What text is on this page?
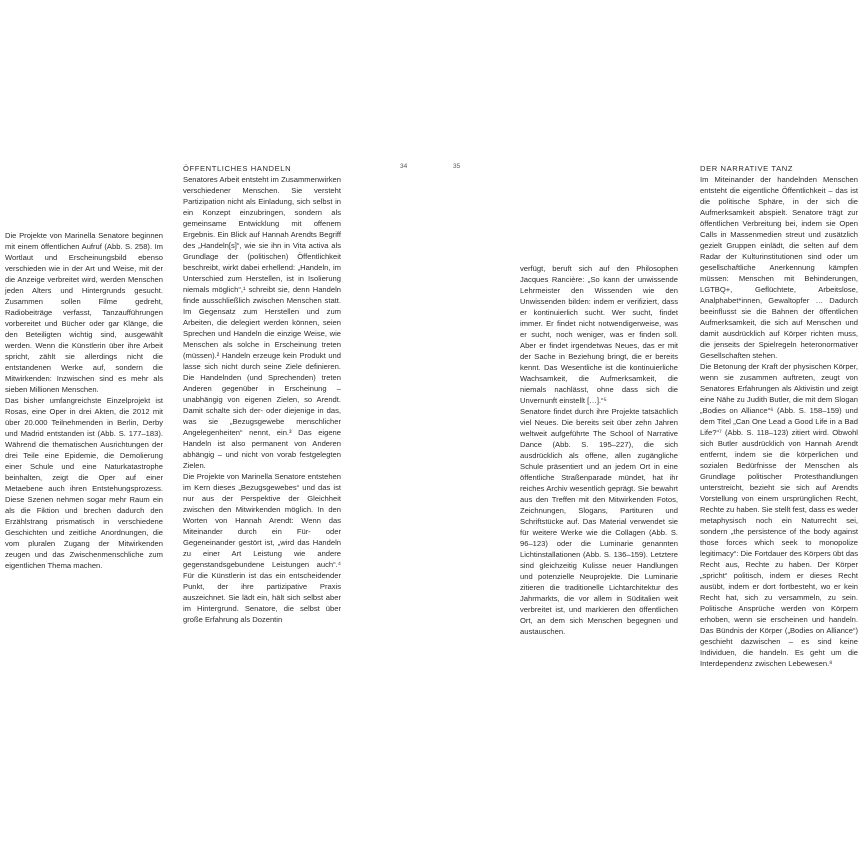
34	35

Die Projekte von Marinella Senatore beginnen mit einem öffentlichen Aufruf (Abb. S. 258). Im Wortlaut und Erscheinungsbild ebenso verschieden wie in der Art und Weise, mit der die Anzeige verbreitet wird, werden Menschen jeden Alters und Hintergrunds gesucht. Zusammen sollen Filme gedreht, Radiobeiträge verfasst, Tanzaufführungen vorbereitet und Bücher oder gar Klänge, die den Beteiligten wichtig sind, ausgewählt werden. Wenn die Künstlerin über ihre Arbeit spricht, zählt sie allerdings nicht die entstandenen Werke auf, sondern die Mitwirkenden: Inzwischen sind es mehr als sieben Millionen Menschen.

Das bisher umfangreichste Einzelprojekt ist Rosas, eine Oper in drei Akten, die 2012 mit über 20.000 Teilnehmenden in Berlin, Derby und Madrid entstanden ist (Abb. S. 177–183). Während die thematischen Ausrichtungen der drei Teile eine Epidemie, die Demolierung einer Schule und eine Naturkatastrophe beinhalten, zeigt die Oper auf einer Metaebene auch ihren Entstehungsprozess. Diese Szenen nehmen sogar mehr Raum ein als die Fiktion und brechen dadurch den Erzählstrang prismatisch in verschiedene Geschichten und zeitliche Anordnungen, die vom pluralen Zugang der Mitwirkenden zeugen und das Zwischenmenschliche zum eigentlichen Thema machen.

ÖFFENTLICHES HANDELN

Senatores Arbeit entsteht im Zusammenwirken verschiedener Menschen. Sie versteht Partizipation nicht als Einladung, sich selbst in ein Konzept einzubringen, sondern als gemeinsame Entwicklung mit offenem Ergebnis. Ein Blick auf Hannah Arendts Begriff des „Handeln[s]“, wie sie ihn in Vita activa als Grundlage der (politischen) Öffentlichkeit beschreibt, wirkt dabei erhellend: „Handeln, im Unterschied zum Herstellen, ist in Isolierung niemals möglich“,¹ schreibt sie, denn Handeln finde ausschließlich zwischen Menschen statt. Im Gegensatz zum Herstellen und zum Arbeiten, die delegiert werden können, seien Sprechen und Handeln die einzige Weise, wie Menschen als solche in Erscheinung treten (müssen).² Handeln erzeuge kein Produkt und lasse sich nicht durch seine Ziele definieren. Die Handelnden (und Sprechenden) treten Anderen gegenüber in Erscheinung – unabhängig von eigenen Zielen, so Arendt. Damit schalte sich der- oder diejenige in das, was sie „Bezugsgewebe menschlicher Angelegenheiten“ nennt, ein.³ Das eigene Handeln ist also permanent von Anderen abhängig – und nicht von vorab festgelegten Zielen.

Die Projekte von Marinella Senatore entstehen im Kern dieses „Bezugsgewebes“ und das ist nur aus der Perspektive der Gleichheit zwischen den Mitwirkenden möglich. In den Worten von Hannah Arendt: Wenn das Miteinander durch ein Für- oder Gegeneinander gestört ist, „wird das Handeln zu einer Art Leistung wie andere gegenstandsgebundene Leistungen auch“.⁴ Für die Künstlerin ist das ein entscheidender Punkt, der ihre partizipative Praxis auszeichnet. Sie lädt ein, hält sich selbst aber im Hintergrund. Senatore, die selbst über große Erfahrung als Dozentin

verfügt, beruft sich auf den Philosophen Jacques Rancière: „So kann der unwissende Lehrmeister den Wissenden wie den Unwissenden bilden: indem er verifiziert, dass er kontinuierlich sucht. Wer sucht, findet immer. Er findet nicht notwendigerweise, was er sucht, noch weniger, was er finden soll. Aber er findet irgendetwas Neues, das er mit der Sache in Beziehung bringt, die er bereits kennt. Das Wesentliche ist die kontinuierliche Wachsamkeit, die Aufmerksamkeit, die niemals nachlässt, ohne dass sich die Unvernunft einstellt […].“⁵

Senatore findet durch ihre Projekte tatsächlich viel Neues. Die bereits seit über zehn Jahren weltweit aufgeführte The School of Narrative Dance (Abb. S. 195–227), die sich ausdrücklich als offene, allen zugängliche Schule präsentiert und an jedem Ort in eine öffentliche Straßenparade mündet, hat ihr reiches Archiv wesentlich geprägt. Sie bewahrt aus den Treffen mit den Mitwirkenden Fotos, Zeichnungen, Slogans, Partituren und Schriftstücke auf. Das Material verwendet sie für weitere Werke wie die Collagen (Abb. S. 96–123) oder die Luminarie genannten Lichtinstallationen (Abb. S. 136–159). Letztere sind gleichzeitig Kulisse neuer Handlungen und potenzielle Neuprojekte. Die Luminarie zitieren die traditionelle Lichtarchitektur des Jahrmarkts, die vor allem in Süditalien weit verbreitet ist, und markieren den öffentlichen Ort, an dem sich Menschen begegnen und austauschen.

DER NARRATIVE TANZ

Im Miteinander der handelnden Menschen entsteht die eigentliche Öffentlichkeit – das ist die politische Sphäre, in der sich die Aufmerksamkeit abspielt. Senatore trägt zur öffentlichen Verbreitung bei, indem sie Open Calls in Massenmedien streut und zusätzlich gezielt Gruppen einlädt, die selten auf dem Radar der Kulturinstitutionen sind oder um gesellschaftliche Anerkennung kämpfen müssen: Menschen mit Behinderungen, LGTBQ+, Geflüchtete, Arbeitslose, Analphabet*innen, Gewaltopfer … Dadurch beeinflusst sie die Bahnen der öffentlichen Aufmerksamkeit, die sich auf Menschen und damit ausdrücklich auf Körper richten muss, die jenseits der Spielregeln heteronormativer Gesellschaften stehen.

Die Betonung der Kraft der physischen Körper, wenn sie zusammen auftreten, zeugt von Senatores Erfahrungen als Aktivistin und zeigt eine Nähe zu Judith Butler, die mit dem Slogan „Bodies on Alliance“⁶ (Abb. S. 158–159) und dem Titel „Can One Lead a Good Life in a Bad Life?“⁷ (Abb. S. 118–123) zitiert wird. Obwohl sich Butler ausdrücklich von Hannah Arendt entfernt, indem sie die körperlichen und sozialen Bedürfnisse der Menschen als Grundlage politischer Protesthandlungen unterstreicht, bezieht sie sich auf Arendts Vorstellung von einem ursprünglichen Recht, Rechte zu haben. Sie stellt fest, dass es weder metaphysisch noch ein Naturrecht sei, sondern „the persistence of the body against those forces which seek to monopolize legitimacy“: Die Fortdauer des Körpers übt das Recht aus, Rechte zu haben. Der Körper „spricht“ politisch, indem er dieses Recht ausübt, indem er dort fortbesteht, wo er kein Recht hat, sich zu versammeln, zu sein. Politische Ansprüche werden von Körpern erhoben, wenn sie erscheinen und handeln. Das Bündnis der Körper („Bodies on Alliance“) geschieht dazwischen – es sind keine Individuen, die handeln. Es geht um die Interdependenz zwischen Lebewesen.⁸
